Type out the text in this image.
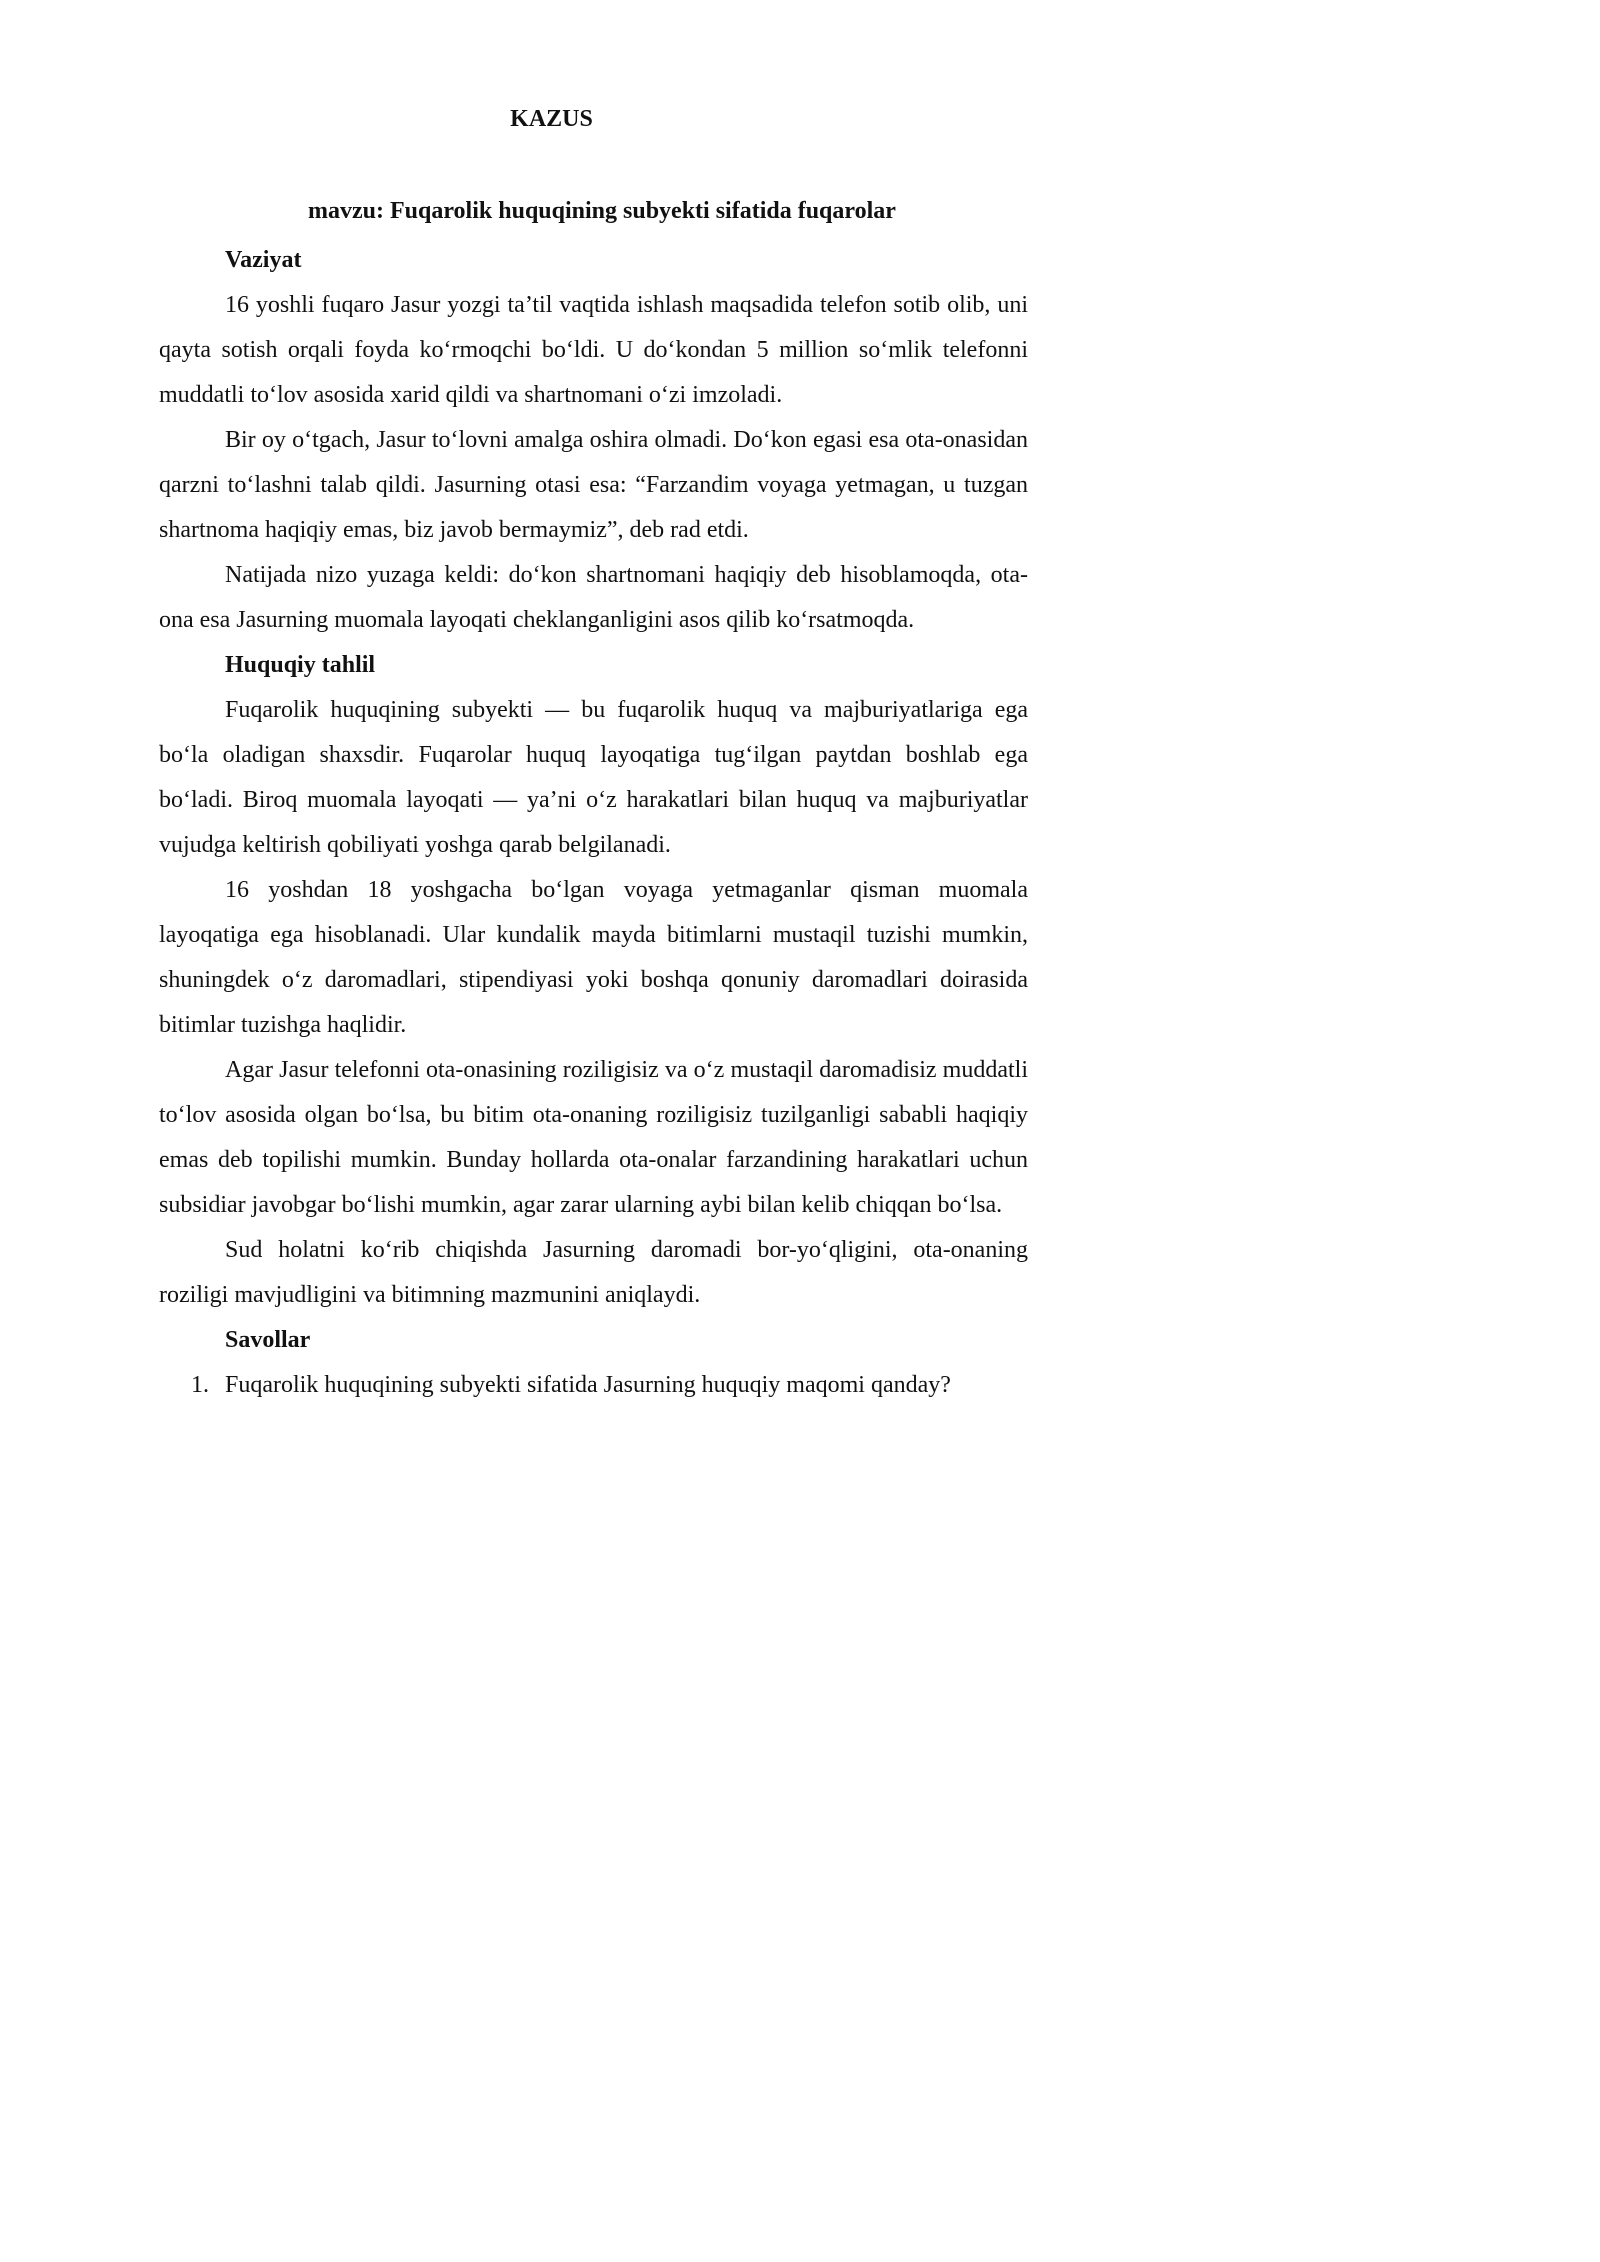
KAZUS
mavzu: Fuqarolik huquqining subyekti sifatida fuqarolar

Vaziyat

16 yoshli fuqaro Jasur yozgi ta’til vaqtida ishlash maqsadida telefon sotib olib, uni qayta sotish orqali foyda ko‘rmoqchi bo‘ldi. U do‘kondan 5 million so‘mlik telefonni muddatli to‘lov asosida xarid qildi va shartnomani o‘zi imzoladi.

Bir oy o‘tgach, Jasur to‘lovni amalga oshira olmadi. Do‘kon egasi esa ota-onasidan qarzni to‘lashni talab qildi. Jasurning otasi esa: “Farzandim voyaga yetmagan, u tuzgan shartnoma haqiqiy emas, biz javob bermaymiz”, deb rad etdi.

Natijada nizo yuzaga keldi: do‘kon shartnomani haqiqiy deb hisoblamoqda, ota-ona esa Jasurning muomala layoqati cheklanganligini asos qilib ko‘rsatmoqda.

Huquqiy tahlil

Fuqarolik huquqining subyekti — bu fuqarolik huquq va majburiyatlariga ega bo‘la oladigan shaxsdir. Fuqarolar huquq layoqatiga tug‘ilgan paytdan boshlab ega bo‘ladi. Biroq muomala layoqati — ya’ni o‘z harakatlari bilan huquq va majburiyatlar vujudga keltirish qobiliyati yoshga qarab belgilanadi.

16 yoshdan 18 yoshgacha bo‘lgan voyaga yetmaganlar qisman muomala layoqatiga ega hisoblanadi. Ular kundalik mayda bitimlarni mustaqil tuzishi mumkin, shuningdek o‘z daromadlari, stipendiyasi yoki boshqa qonuniy daromadlari doirasida bitimlar tuzishga haqlidir.

Agar Jasur telefonni ota-onasining roziligisiz va o‘z mustaqil daromadisiz muddatli to‘lov asosida olgan bo‘lsa, bu bitim ota-onaning roziligisiz tuzilganligi sababli haqiqiy emas deb topilishi mumkin. Bunday hollarda ota-onalar farzandining harakatlari uchun subsidiar javobgar bo‘lishi mumkin, agar zarar ularning aybi bilan kelib chiqqan bo‘lsa.

Sud holatni ko‘rib chiqishda Jasurning daromadi bor-yo‘qligini, ota-onaning roziligi mavjudligini va bitimning mazmunini aniqlaydi.

Savollar

1. Fuqarolik huquqining subyekti sifatida Jasurning huquqiy maqomi qanday?
